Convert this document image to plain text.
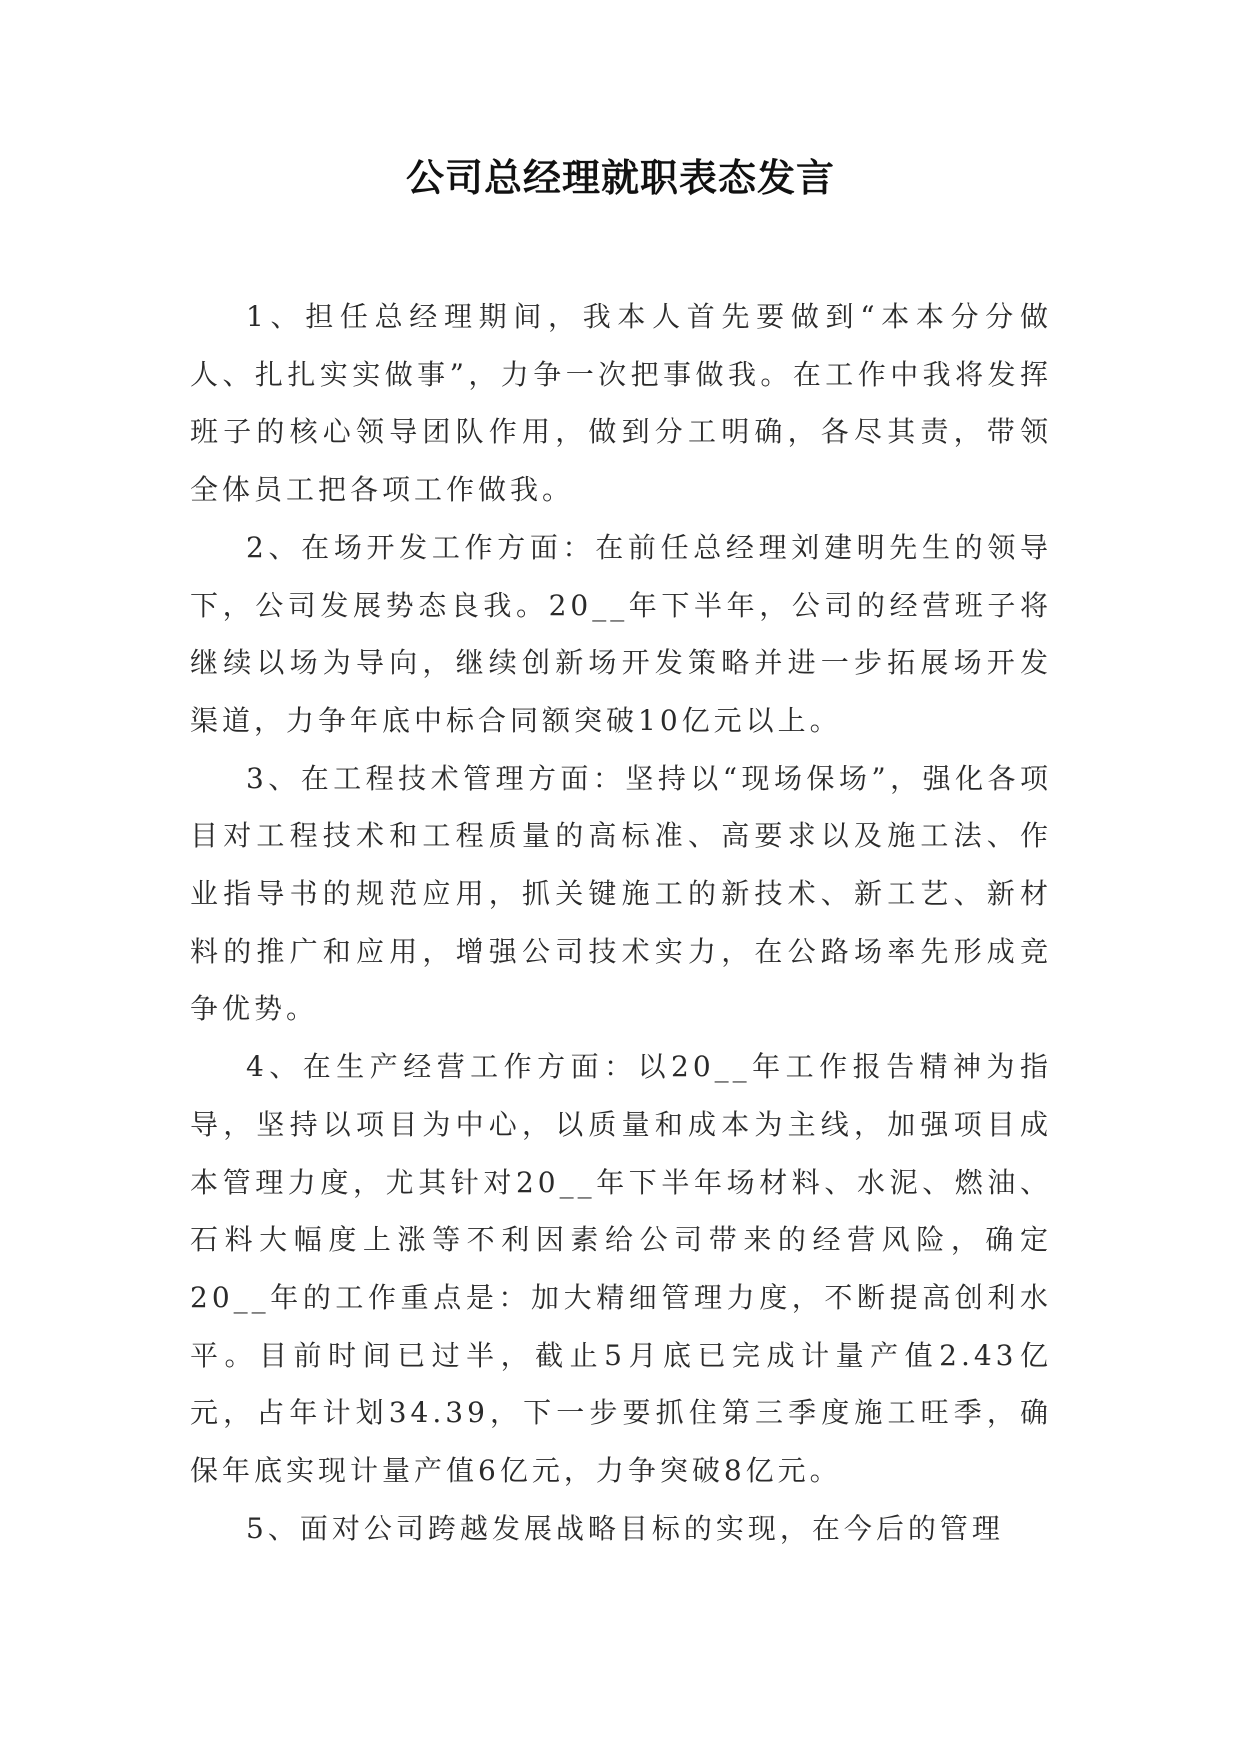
公司总经理就职表态发言

1、担任总经理期间，我本人首先要做到“本本分分做人、扎扎实实做事”，力争一次把事做我。在工作中我将发挥班子的核心领导团队作用，做到分工明确，各尽其责，带领全体员工把各项工作做我。

2、在场开发工作方面：在前任总经理刘建明先生的领导下，公司发展势态良我。20__年下半年，公司的经营班子将继续以场为导向，继续创新场开发策略并进一步拓展场开发渠道，力争年底中标合同额突破10亿元以上。

3、在工程技术管理方面：坚持以“现场保场”，强化各项目对工程技术和工程质量的高标准、高要求以及施工法、作业指导书的规范应用，抓关键施工的新技术、新工艺、新材料的推广和应用，增强公司技术实力，在公路场率先形成竞争优势。

4、在生产经营工作方面：以20__年工作报告精神为指导，坚持以项目为中心，以质量和成本为主线，加强项目成本管理力度，尤其针对20__年下半年场材料、水泥、燃油、石料大幅度上涨等不利因素给公司带来的经营风险，确定20__年的工作重点是：加大精细管理力度，不断提高创利水平。目前时间已过半，截止5月底已完成计量产值2.43亿元，占年计划34.39，下一步要抓住第三季度施工旺季，确保年底实现计量产值6亿元，力争突破8亿元。

5、面对公司跨越发展战略目标的实现，在今后的管理
